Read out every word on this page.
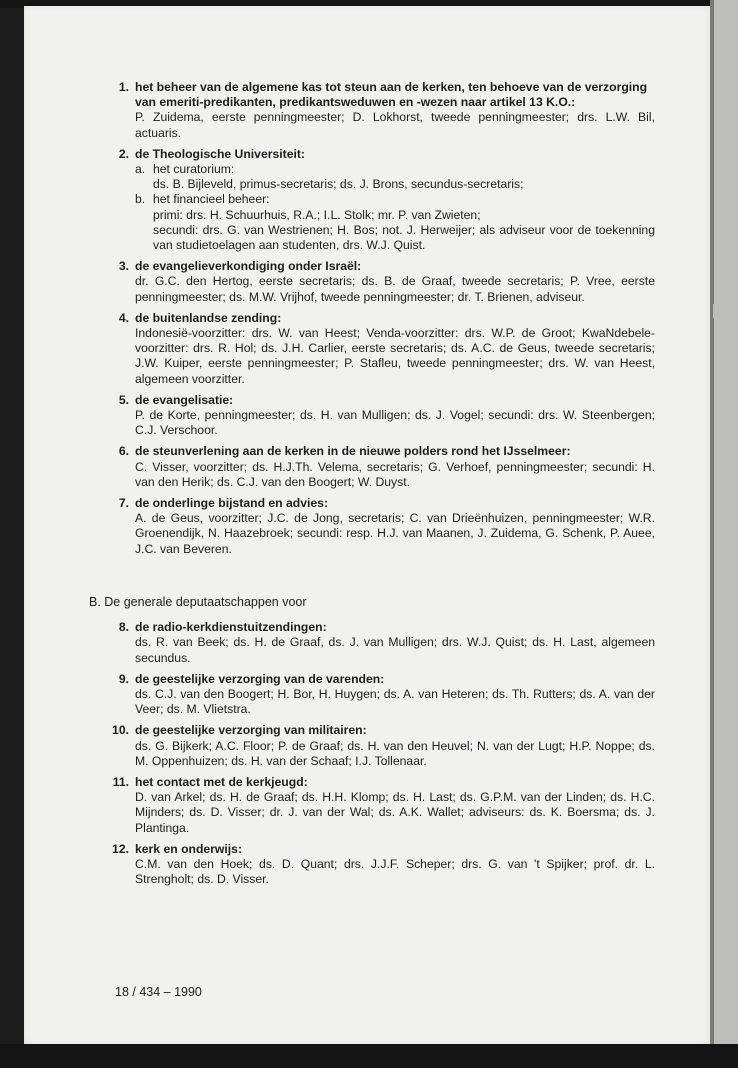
1. het beheer van de algemene kas tot steun aan de kerken, ten behoeve van de verzorging van emeriti-predikanten, predikantsweduwen en -wezen naar artikel 13 K.O.:
P. Zuidema, eerste penningmeester; D. Lokhorst, tweede penningmeester; drs. L.W. Bil, actuaris.
2. de Theologische Universiteit:
a. het curatorium:
ds. B. Bijleveld, primus-secretaris; ds. J. Brons, secundus-secretaris;
b. het financieel beheer:
primi: drs. H. Schuurhuis, R.A.; I.L. Stolk; mr. P. van Zwieten;
secundi: drs. G. van Westrienen; H. Bos; not. J. Herweijer; als adviseur voor de toekenning van studietoelagen aan studenten, drs. W.J. Quist.
3. de evangelieverkondiging onder Israël:
dr. G.C. den Hertog, eerste secretaris; ds. B. de Graaf, tweede secretaris; P. Vree, eerste penningmeester; ds. M.W. Vrijhof, tweede penningmeester; dr. T. Brienen, adviseur.
4. de buitenlandse zending:
Indonesië-voorzitter: drs. W. van Heest; Venda-voorzitter: drs. W.P. de Groot; KwaNdebele-voorzitter: drs. R. Hol; ds. J.H. Carlier, eerste secretaris; ds. A.C. de Geus, tweede secretaris; J.W. Kuiper, eerste penningmeester; P. Stafleu, tweede penningmeester; drs. W. van Heest, algemeen voorzitter.
5. de evangelisatie:
P. de Korte, penningmeester; ds. H. van Mulligen; ds. J. Vogel; secundi: drs. W. Steenbergen; C.J. Verschoor.
6. de steunverlening aan de kerken in de nieuwe polders rond het IJsselmeer:
C. Visser, voorzitter; ds. H.J.Th. Velema, secretaris; G. Verhoef, penningmeester; secundi: H. van den Herik; ds. C.J. van den Boogert; W. Duyst.
7. de onderlinge bijstand en advies:
A. de Geus, voorzitter; J.C. de Jong, secretaris; C. van Drieënhuizen, penningmeester; W.R. Groenendijk, N. Haazebroek; secundi: resp. H.J. van Maanen, J. Zuidema, G. Schenk, P. Auee, J.C. van Beveren.
B. De generale deputaatschappen voor
8. de radio-kerkdienstuitzendingen:
ds. R. van Beek; ds. H. de Graaf, ds. J. van Mulligen; drs. W.J. Quist; ds. H. Last, algemeen secundus.
9. de geestelijke verzorging van de varenden:
ds. C.J. van den Boogert; H. Bor, H. Huygen; ds. A. van Heteren; ds. Th. Rutters; ds. A. van der Veer; ds. M. Vlietstra.
10. de geestelijke verzorging van militairen:
ds. G. Bijkerk; A.C. Floor; P. de Graaf; ds. H. van den Heuvel; N. van der Lugt; H.P. Noppe; ds. M. Oppenhuizen; ds. H. van der Schaaf; I.J. Tollenaar.
11. het contact met de kerkjeugd:
D. van Arkel; ds. H. de Graaf; ds. H.H. Klomp; ds. H. Last; ds. G.P.M. van der Linden; ds. H.C. Mijnders; ds. D. Visser; dr. J. van der Wal; ds. A.K. Wallet; adviseurs: ds. K. Boersma; ds. J. Plantinga.
12. kerk en onderwijs:
C.M. van den Hoek; ds. D. Quant; drs. J.J.F. Scheper; drs. G. van 't Spijker; prof. dr. L. Strengholt; ds. D. Visser.
18 / 434 – 1990
